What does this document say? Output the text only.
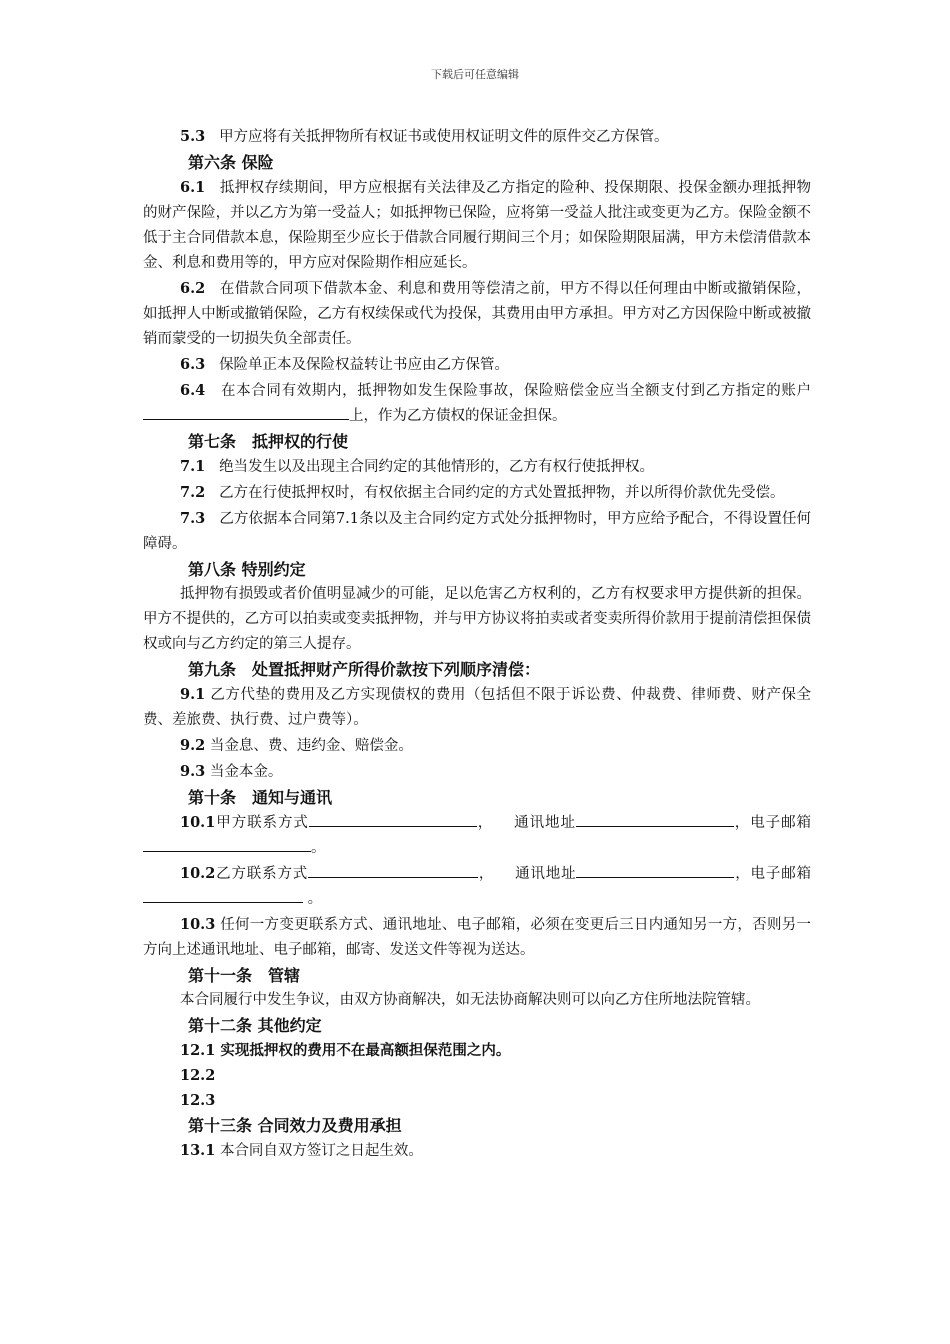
下载后可任意编辑

5.3 甲方应将有关抵押物所有权证书或使用权证明文件的原件交乙方保管。

第六条 保险

6.1 抵押权存续期间，甲方应根据有关法律及乙方指定的险种、投保期限、投保金额办理抵押物的财产保险，并以乙方为第一受益人；如抵押物已保险，应将第一受益人批注或变更为乙方。保险金额不低于主合同借款本息，保险期至少应长于借款合同履行期间三个月；如保险期限届满，甲方未偿清借款本金、利息和费用等的，甲方应对保险期作相应延长。

6.2 在借款合同项下借款本金、利息和费用等偿清之前，甲方不得以任何理由中断或撤销保险，如抵押人中断或撤销保险，乙方有权续保或代为投保，其费用由甲方承担。甲方对乙方因保险中断或被撤销而蒙受的一切损失负全部责任。

6.3 保险单正本及保险权益转让书应由乙方保管。

6.4 在本合同有效期内，抵押物如发生保险事故，保险赔偿金应当全额支付到乙方指定的账户上，作为乙方债权的保证金担保。

第七条　抵押权的行使

7.1 绝当发生以及出现主合同约定的其他情形的，乙方有权行使抵押权。

7.2 乙方在行使抵押权时，有权依据主合同约定的方式处置抵押物，并以所得价款优先受偿。

7.3 乙方依据本合同第7.1条以及主合同约定方式处分抵押物时，甲方应给予配合，不得设置任何障碍。

第八条 特别约定

抵押物有损毁或者价值明显减少的可能，足以危害乙方权利的，乙方有权要求甲方提供新的担保。甲方不提供的，乙方可以拍卖或变卖抵押物，并与甲方协议将拍卖或者变卖所得价款用于提前清偿担保债权或向与乙方约定的第三人提存。

第九条　处置抵押财产所得价款按下列顺序清偿：

9.1 乙方代垫的费用及乙方实现债权的费用（包括但不限于诉讼费、仲裁费、律师费、财产保全费、差旅费、执行费、过户费等）。

9.2 当金息、费、违约金、赔偿金。

9.3 当金本金。

第十条　通知与通讯

10.1甲方联系方式	， 通讯地址	，电子邮箱。

10.2乙方联系方式	， 通讯地址	，电子邮箱 。

10.3 任何一方变更联系方式、通讯地址、电子邮箱，必须在变更后三日内通知另一方，否则另一方向上述通讯地址、电子邮箱，邮寄、发送文件等视为送达。

第十一条　管辖

本合同履行中发生争议，由双方协商解决，如无法协商解决则可以向乙方住所地法院管辖。

第十二条 其他约定

12.1 实现抵押权的费用不在最高额担保范围之内。

12.2

12.3

第十三条 合同效力及费用承担

13.1 本合同自双方签订之日起生效。
